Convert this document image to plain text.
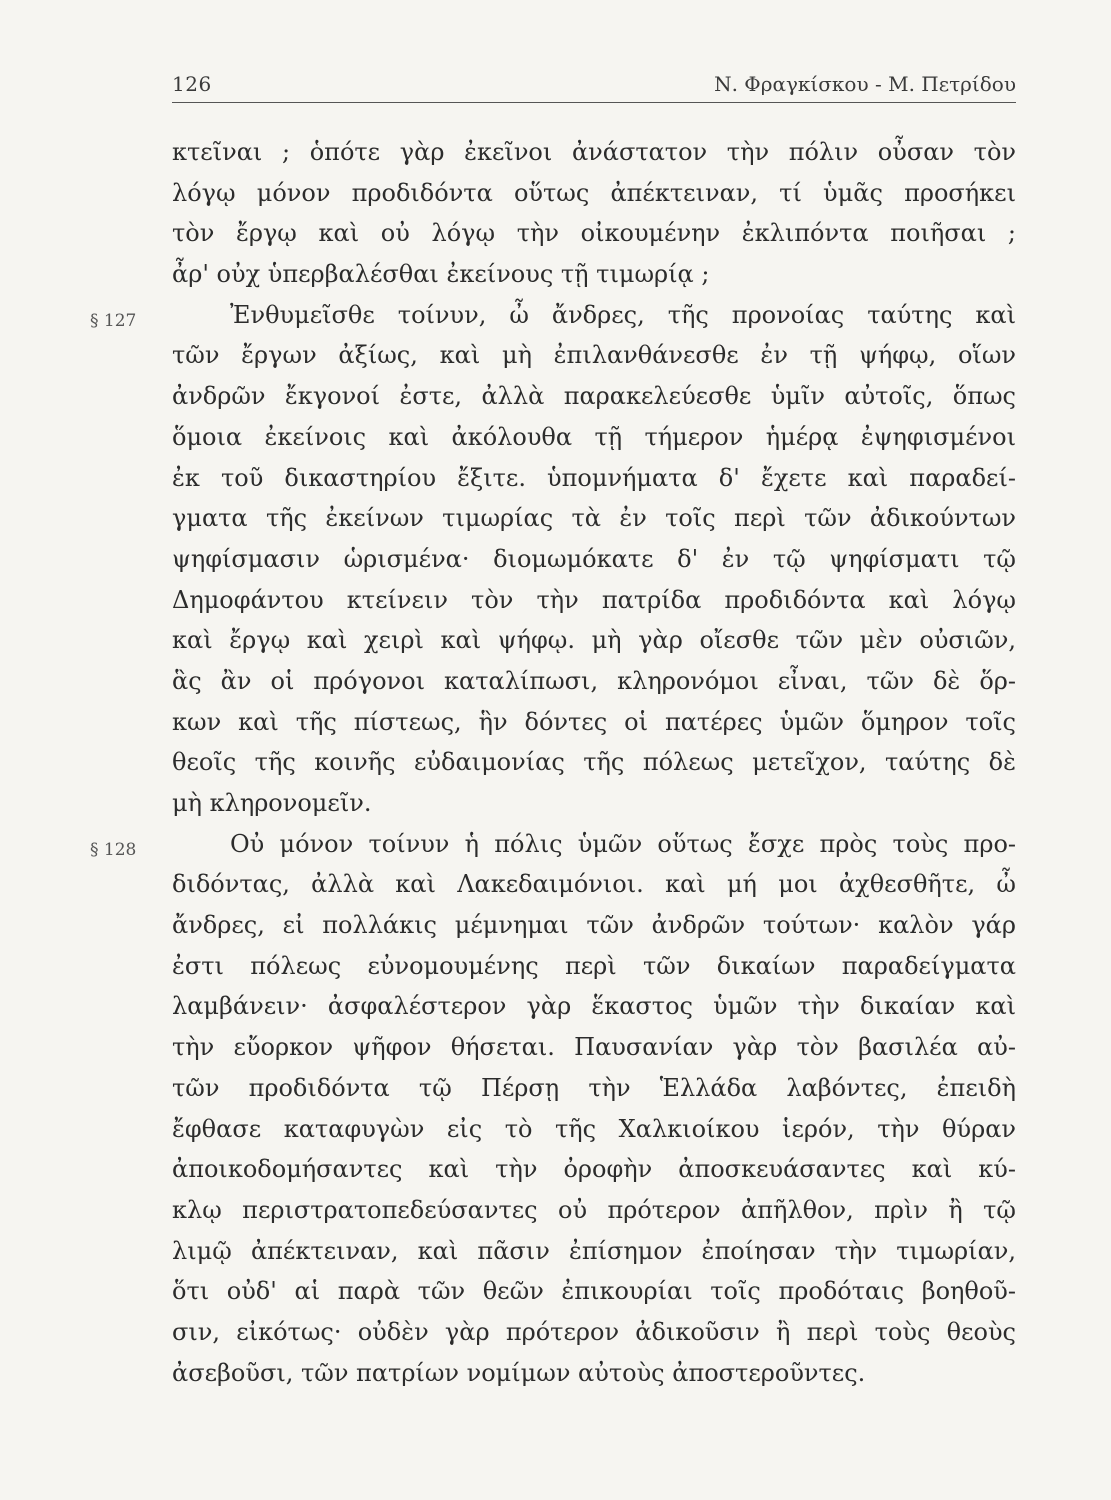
126	Ν. Φραγκίσκου - Μ. Πετρίδου
§ 127
§ 128
κτεῖναι ; ὁπότε γὰρ ἐκεῖνοι ἀνάστατον τὴν πόλιν οὖσαν τὸν
λόγῳ μόνον προδιδόντα οὕτως ἀπέκτειναν, τί ὑμᾶς προσήκει
τὸν ἔργῳ καὶ οὐ λόγῳ τὴν οἰκουμένην ἐκλιπόντα ποιῆσαι ;
ἆρ' οὐχ ὑπερβαλέσθαι ἐκείνους τῇ τιμωρίᾳ ;
Ἐνθυμεῖσθε τοίνυν, ὦ ἄνδρες, τῆς προνοίας ταύτης καὶ
τῶν ἔργων ἀξίως, καὶ μὴ ἐπιλανθάνεσθε ἐν τῇ ψήφῳ, οἵων
ἀνδρῶν ἔκγονοί ἐστε, ἀλλὰ παρακελεύεσθε ὑμῖν αὐτοῖς, ὅπως
ὅμοια ἐκείνοις καὶ ἀκόλουθα τῇ τήμερον ἡμέρᾳ ἐψηφισμένοι
ἐκ τοῦ δικαστηρίου ἔξιτε. ὑπομνήματα δ' ἔχετε καὶ παραδεί-
γματα τῆς ἐκείνων τιμωρίας τὰ ἐν τοῖς περὶ τῶν ἀδικούντων
ψηφίσμασιν ὡρισμένα· διομωμόκατε δ' ἐν τῷ ψηφίσματι τῷ
Δημοφάντου κτείνειν τὸν τὴν πατρίδα προδιδόντα καὶ λόγῳ
καὶ ἔργῳ καὶ χειρὶ καὶ ψήφῳ. μὴ γὰρ οἴεσθε τῶν μὲν οὐσιῶν,
ἃς ἂν οἱ πρόγονοι καταλίπωσι, κληρονόμοι εἶναι, τῶν δὲ ὅρ-
κων καὶ τῆς πίστεως, ἣν δόντες οἱ πατέρες ὑμῶν ὅμηρον τοῖς
θεοῖς τῆς κοινῆς εὐδαιμονίας τῆς πόλεως μετεῖχον, ταύτης δὲ
μὴ κληρονομεῖν.
Οὐ μόνον τοίνυν ἡ πόλις ὑμῶν οὕτως ἔσχε πρὸς τοὺς προ-
διδόντας, ἀλλὰ καὶ Λακεδαιμόνιοι. καὶ μή μοι ἀχθεσθῆτε, ὦ
ἄνδρες, εἰ πολλάκις μέμνημαι τῶν ἀνδρῶν τούτων· καλὸν γάρ
ἐστι πόλεως εὐνομουμένης περὶ τῶν δικαίων παραδείγματα
λαμβάνειν· ἀσφαλέστερον γὰρ ἕκαστος ὑμῶν τὴν δικαίαν καὶ
τὴν εὔορκον ψῆφον θήσεται. Παυσανίαν γὰρ τὸν βασιλέα αὐ-
τῶν προδιδόντα τῷ Πέρσῃ τὴν Ἑλλάδα λαβόντες, ἐπειδὴ
ἔφθασε καταφυγὼν εἰς τὸ τῆς Χαλκιοίκου ἱερόν, τὴν θύραν
ἀποικοδομήσαντες καὶ τὴν ὀροφὴν ἀποσκευάσαντες καὶ κύ-
κλῳ περιστρατοπεδεύσαντες οὐ πρότερον ἀπῆλθον, πρὶν ἢ τῷ
λιμῷ ἀπέκτειναν, καὶ πᾶσιν ἐπίσημον ἐποίησαν τὴν τιμωρίαν,
ὅτι οὐδ' αἱ παρὰ τῶν θεῶν ἐπικουρίαι τοῖς προδόταις βοηθοῦ-
σιν, εἰκότως· οὐδὲν γὰρ πρότερον ἀδικοῦσιν ἢ περὶ τοὺς θεοὺς
ἀσεβοῦσι, τῶν πατρίων νομίμων αὐτοὺς ἀποστεροῦντες.
